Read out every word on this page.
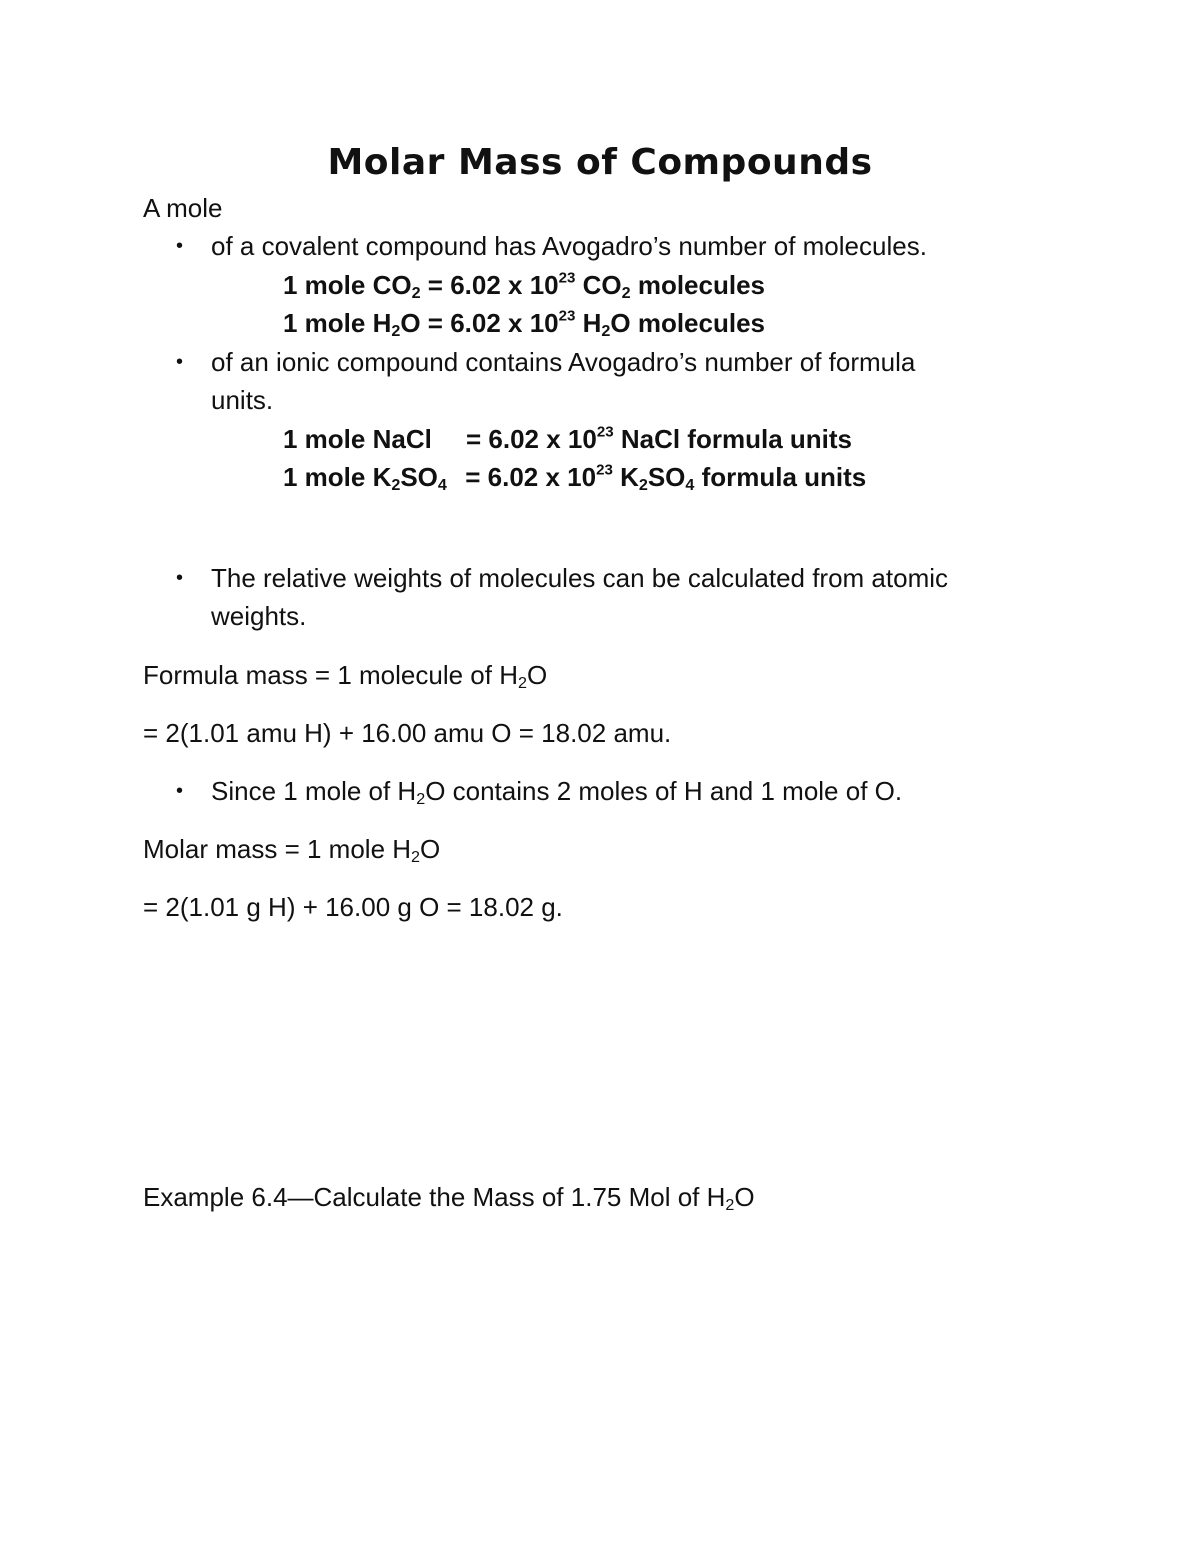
Molar Mass of Compounds
A mole
• of a covalent compound has Avogadro’s number of molecules.
1 mole $CO_2 = 6.02$ x $10^{23}$ $CO_2$ molecules
1 mole $H_2O = 6.02$ x $10^{23}$ $H_2O$ molecules
• of an ionic compound contains Avogadro’s number of formula
units.
1 mole NaCl = 6.02 x $10^{23}$ NaCl formula units
1 mole $K_2SO_4 = 6.02$ x $10^{23}$ $K_2SO_4$ formula units
• The relative weights of molecules can be calculated from atomic
weights.
Formula mass = 1 molecule of $H_2O$
= 2(1.01 amu H) + 16.00 amu O = 18.02 amu.
• Since 1 mole of $H_2O$ contains 2 moles of H and 1 mole of O.
Molar mass = 1 mole $H_2O$
= 2(1.01 g H) + 16.00 g O = 18.02 g.
Example 6.4—Calculate the Mass of 1.75 Mol of $H_2O$
